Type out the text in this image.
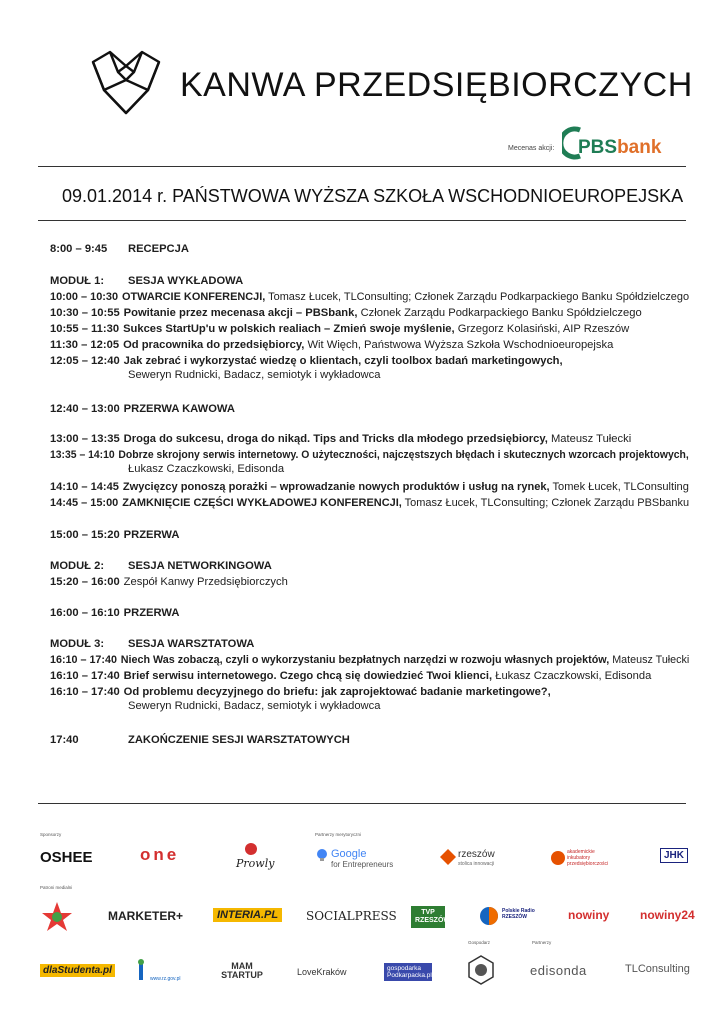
KANWA PRZEDSIĘBIORCZYCH
Mecenas akcji: PBSbank
09.01.2014 r. PAŃSTWOWA WYŻSZA SZKOŁA WSCHODNIOEUROPEJSKA
8:00 – 9:45 RECEPCJA
MODUŁ 1: SESJA WYKŁADOWA
10:00 – 10:30 OTWARCIE KONFERENCJI, Tomasz Łucek, TLConsulting; Członek Zarządu Podkarpackiego Banku Spółdzielczego
10:30 – 10:55 Powitanie przez mecenasa akcji – PBSbank, Członek Zarządu Podkarpackiego Banku Spółdzielczego
10:55 – 11:30 Sukces StartUp'u w polskich realiach – Zmień swoje myślenie, Grzegorz Kolasiński, AIP Rzeszów
11:30 – 12:05 Od pracownika do przedsiębiorcy, Wit Więch, Państwowa Wyższa Szkoła Wschodnioeuropejska
12:05 – 12:40 Jak zebrać i wykorzystać wiedzę o klientach, czyli toolbox badań marketingowych,
Seweryn Rudnicki, Badacz, semiotyk i wykładowca
12:40 – 13:00 PRZERWA KAWOWA
13:00 – 13:35 Droga do sukcesu, droga do nikąd. Tips and Tricks dla młodego przedsiębiorcy, Mateusz Tułecki
13:35 – 14:10 Dobrze skrojony serwis internetowy. O użyteczności, najczęstszych błędach i skutecznych wzorcach projektowych,
Łukasz Czaczkowski, Edisonda
14:10 – 14:45 Zwycięzcy ponoszą porażki – wprowadzanie nowych produktów i usług na rynek, Tomek Łucek, TLConsulting
14:45 – 15:00 ZAMKNIĘCIE CZĘŚCI WYKŁADOWEJ KONFERENCJI, Tomasz Łucek, TLConsulting; Członek Zarządu PBSbanku
15:00 – 15:20 PRZERWA
MODUŁ 2: SESJA NETWORKINGOWA
15:20 – 16:00 Zespół Kanwy Przedsiębiorczych
16:00 – 16:10 PRZERWA
MODUŁ 3: SESJA WARSZTATOWA
16:10 – 17:40 Niech Was zobaczą, czyli o wykorzystaniu bezpłatnych narzędzi w rozwoju własnych projektów, Mateusz Tułecki
16:10 – 17:40 Brief serwisu internetowego. Czego chcą się dowiedzieć Twoi klienci, Łukasz Czaczkowski, Edisonda
16:10 – 17:40 Od problemu decyzyjnego do briefu: jak zaprojektować badanie marketingowe?,
Seweryn Rudnicki, Badacz, semiotyk i wykładowca
17:40	ZAKOŃCZENIE SESJI WARSZTATOWYCH
Sponsorzy	Partnerzy merytoryczni
Patroni medialni
Gospodarz	Partnerzy
OSHEE	one	Prowly
Google
for Entrepreneurs
rzeszów
stolica innowacji
akademickie inkubatory przedsiębiorczości
JHK
MARKETER+	INTERIA.PL	SOCIALPRESS	TVP RZESZÓW
Polskie Radio RZESZÓW	nowiny	nowiny24
dlaStudenta.pl
www.rz.gov.pl
MAM STARTUP	LoveKraków	gospodarka Podkarpacka.pl	edisonda	TLConsulting
